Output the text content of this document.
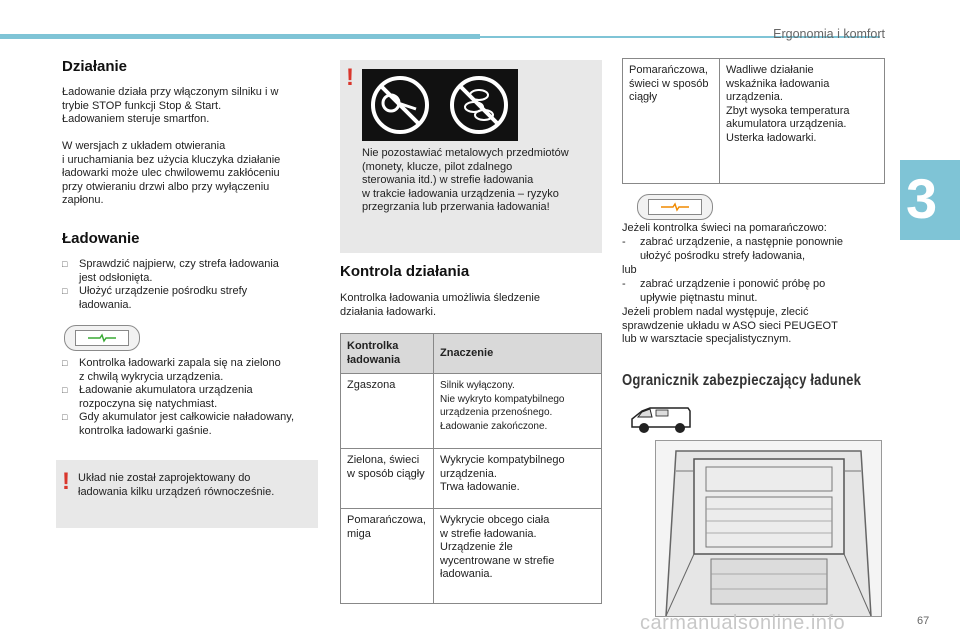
Ergonomia i komfort
3
Działanie
Ładowanie działa przy włączonym silniku i w
trybie STOP funkcji Stop & Start.
Ładowaniem steruje smartfon.
W wersjach z układem otwierania
i uruchamiania bez użycia kluczyka działanie
ładowarki może ulec chwilowemu zakłóceniu
przy otwieraniu drzwi albo przy wyłączeniu
zapłonu.
Ładowanie
□ Sprawdzić najpierw, czy strefa ładowania
jest odsłonięta.
□ Ułożyć urządzenie pośrodku strefy
ładowania.
□ Kontrolka ładowarki zapala się na zielono
z chwilą wykrycia urządzenia.
□ Ładowanie akumulatora urządzenia
rozpoczyna się natychmiast.
□ Gdy akumulator jest całkowicie naładowany,
kontrolka ładowarki gaśnie.
! Układ nie został zaprojektowany do
ładowania kilku urządzeń równocześnie.
!
Nie pozostawiać metalowych przedmiotów
(monety, klucze, pilot zdalnego
sterowania itd.) w strefie ładowania
w trakcie ładowania urządzenia – ryzyko
przegrzania lub przerwania ładowania!
Kontrola działania
Kontrolka ładowania umożliwia śledzenie
działania ładowarki.
Kontrolka
ładowania	Znaczenie
Zgaszona	Silnik wyłączony.
Nie wykryto kompatybilnego
urządzenia przenośnego.
Ładowanie zakończone.
Zielona, świeci
w sposób ciągły	Wykrycie kompatybilnego
urządzenia.
Trwa ładowanie.
Pomarańczowa,
miga	Wykrycie obcego ciała
w strefie ładowania.
Urządzenie źle
wycentrowane w strefie
ładowania.
Pomarańczowa,
świeci w sposób
ciągły	Wadliwe działanie
wskaźnika ładowania
urządzenia.
Zbyt wysoka temperatura
akumulatora urządzenia.
Usterka ładowarki.
Jeżeli kontrolka świeci na pomarańczowo:
-	zabrać urządzenie, a następnie ponownie
ułożyć pośrodku strefy ładowania,
lub
-	zabrać urządzenie i ponowić próbę po
upływie piętnastu minut.
Jeżeli problem nadal występuje, zlecić
sprawdzenie układu w ASO sieci PEUGEOT
lub w warsztacie specjalistycznym.
Ogranicznik zabezpieczający ładunek
carmanualsonline.info	67
